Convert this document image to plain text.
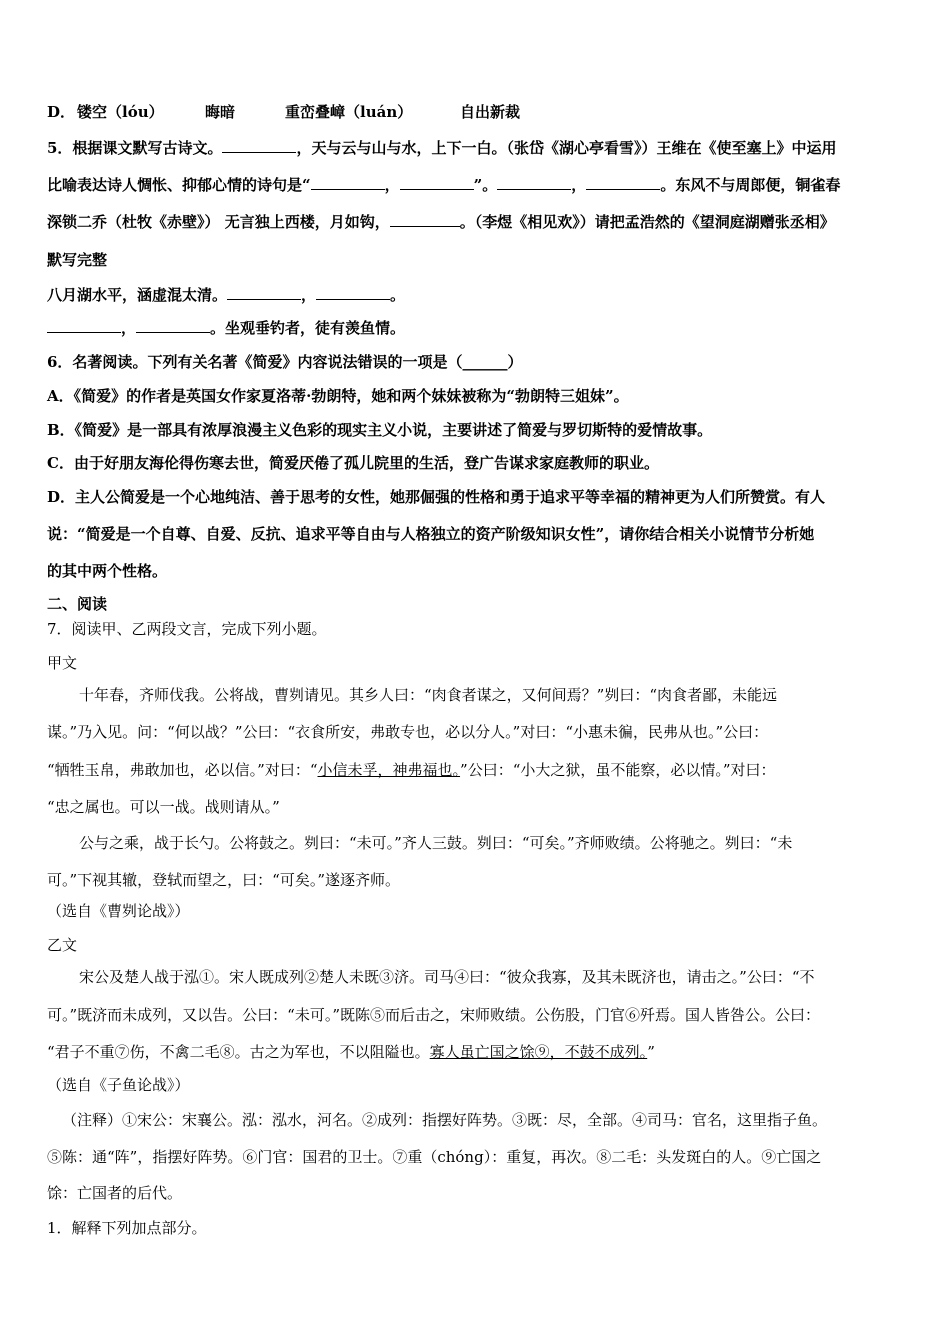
D． 镂空（lóu）	晦暗	重峦叠嶂（luán）	自出新裁
5．根据课文默写古诗文。	，天与云与山与水，上下一白。（张岱《湖心亭看雪》）王维在《使至塞上》中运用
比喻表达诗人惆怅、抑郁心情的诗句是“	，	”。	，	。东风不与周郎便，铜雀春
深锁二乔（杜牧《赤壁》） 无言独上西楼，月如钩，	。（李煜《相见欢》）请把孟浩然的《望洞庭湖赠张丞相》
默写完整
八月湖水平，涵虚混太清。	，	。
，	。坐观垂钓者，徒有羡鱼情。
6．名著阅读。下列有关名著《简爱》内容说法错误的一项是（______）
A．《简爱》的作者是英国女作家夏洛蒂·勃朗特，她和两个妹妹被称为“勃朗特三姐妹”。
B．《简爱》是一部具有浓厚浪漫主义色彩的现实主义小说，主要讲述了简爱与罗切斯特的爱情故事。
C．由于好朋友海伦得伤寒去世，简爱厌倦了孤儿院里的生活，登广告谋求家庭教师的职业。
D．主人公简爱是一个心地纯洁、善于思考的女性，她那倔强的性格和勇于追求平等幸福的精神更为人们所赞赏。有人
说：“简爱是一个自尊、自爱、反抗、追求平等自由与人格独立的资产阶级知识女性”，请你结合相关小说情节分析她
的其中两个性格。
二、阅读
7．阅读甲、乙两段文言，完成下列小题。
甲文
十年春，齐师伐我。公将战，曹刿请见。其乡人曰：“肉食者谋之，又何间焉？”刿曰：“肉食者鄙，未能远
谋。”乃入见。问：“何以战？”公曰：“衣食所安，弗敢专也，必以分人。”对曰：“小惠未徧，民弗从也。”公曰：
“牺牲玉帛，弗敢加也，必以信。”对曰：“小信未孚，神弗福也。”公曰：“小大之狱，虽不能察，必以情。”对曰：
“忠之属也。可以一战。战则请从。”
公与之乘，战于长勺。公将鼓之。刿曰：“未可。”齐人三鼓。刿曰：“可矣。”齐师败绩。公将驰之。刿曰：“未
可。”下视其辙，登轼而望之，曰：“可矣。”遂逐齐师。
（选自《曹刿论战》）
乙文
宋公及楚人战于泓①。宋人既成列②楚人未既③济。司马④曰：“彼众我寡，及其未既济也，请击之。”公曰：“不
可。”既济而未成列，又以告。公曰：“未可。”既陈⑤而后击之，宋师败绩。公伤股，门官⑥歼焉。国人皆咎公。公曰：
“君子不重⑦伤，不禽二毛⑧。古之为军也，不以阻隘也。寡人虽亡国之馀⑨，不鼓不成列。”
（选自《子鱼论战》）
（注释）①宋公：宋襄公。泓：泓水，河名。②成列：指摆好阵势。③既：尽，全部。④司马：官名，这里指子鱼。
⑤陈：通“阵”，指摆好阵势。⑥门官：国君的卫士。⑦重（chóng）：重复，再次。⑧二毛：头发斑白的人。⑨亡国之
馀：亡国者的后代。
1．解释下列加点部分。
